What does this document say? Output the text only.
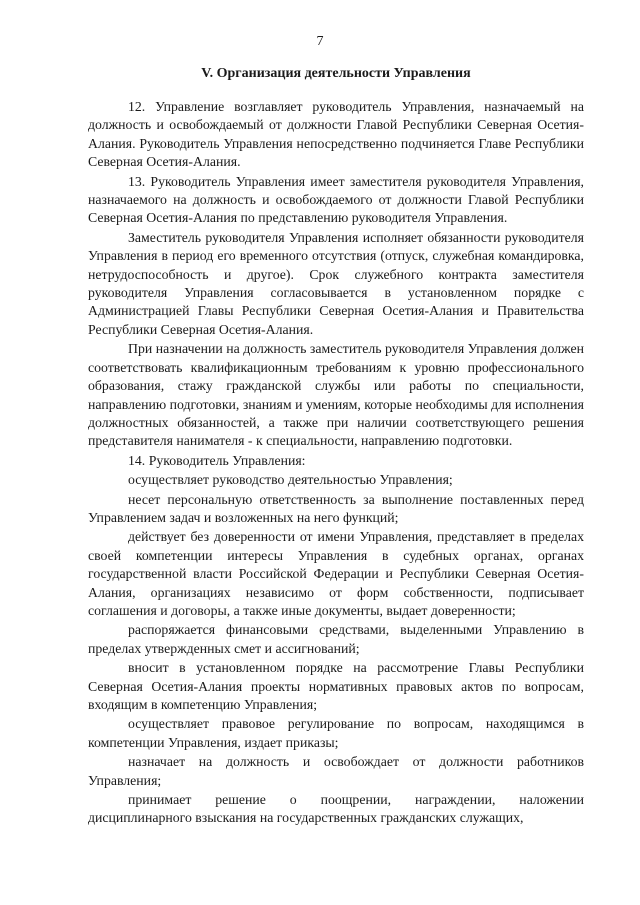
7
V. Организация деятельности Управления

12. Управление возглавляет руководитель Управления, назначаемый на должность и освобождаемый от должности Главой Республики Северная Осетия-Алания. Руководитель Управления непосредственно подчиняется Главе Республики Северная Осетия-Алания.

13. Руководитель Управления имеет заместителя руководителя Управления, назначаемого на должность и освобождаемого от должности Главой Республики Северная Осетия-Алания по представлению руководителя Управления.

Заместитель руководителя Управления исполняет обязанности руководителя Управления в период его временного отсутствия (отпуск, служебная командировка, нетрудоспособность и другое). Срок служебного контракта заместителя руководителя Управления согласовывается в установленном порядке с Администрацией Главы Республики Северная Осетия-Алания и Правительства Республики Северная Осетия-Алания.

При назначении на должность заместитель руководителя Управления должен соответствовать квалификационным требованиям к уровню профессионального образования, стажу гражданской службы или работы по специальности, направлению подготовки, знаниям и умениям, которые необходимы для исполнения должностных обязанностей, а также при наличии соответствующего решения представителя нанимателя - к специальности, направлению подготовки.

14. Руководитель Управления:

осуществляет руководство деятельностью Управления;

несет персональную ответственность за выполнение поставленных перед Управлением задач и возложенных на него функций;

действует без доверенности от имени Управления, представляет в пределах своей компетенции интересы Управления в судебных органах, органах государственной власти Российской Федерации и Республики Северная Осетия-Алания, организациях независимо от форм собственности, подписывает соглашения и договоры, а также иные документы, выдает доверенности;

распоряжается финансовыми средствами, выделенными Управлению в пределах утвержденных смет и ассигнований;

вносит в установленном порядке на рассмотрение Главы Республики Северная Осетия-Алания проекты нормативных правовых актов по вопросам, входящим в компетенцию Управления;

осуществляет правовое регулирование по вопросам, находящимся в компетенции Управления, издает приказы;

назначает на должность и освобождает от должности работников Управления;

принимает решение о поощрении, награждении, наложении дисциплинарного взыскания на государственных гражданских служащих,
